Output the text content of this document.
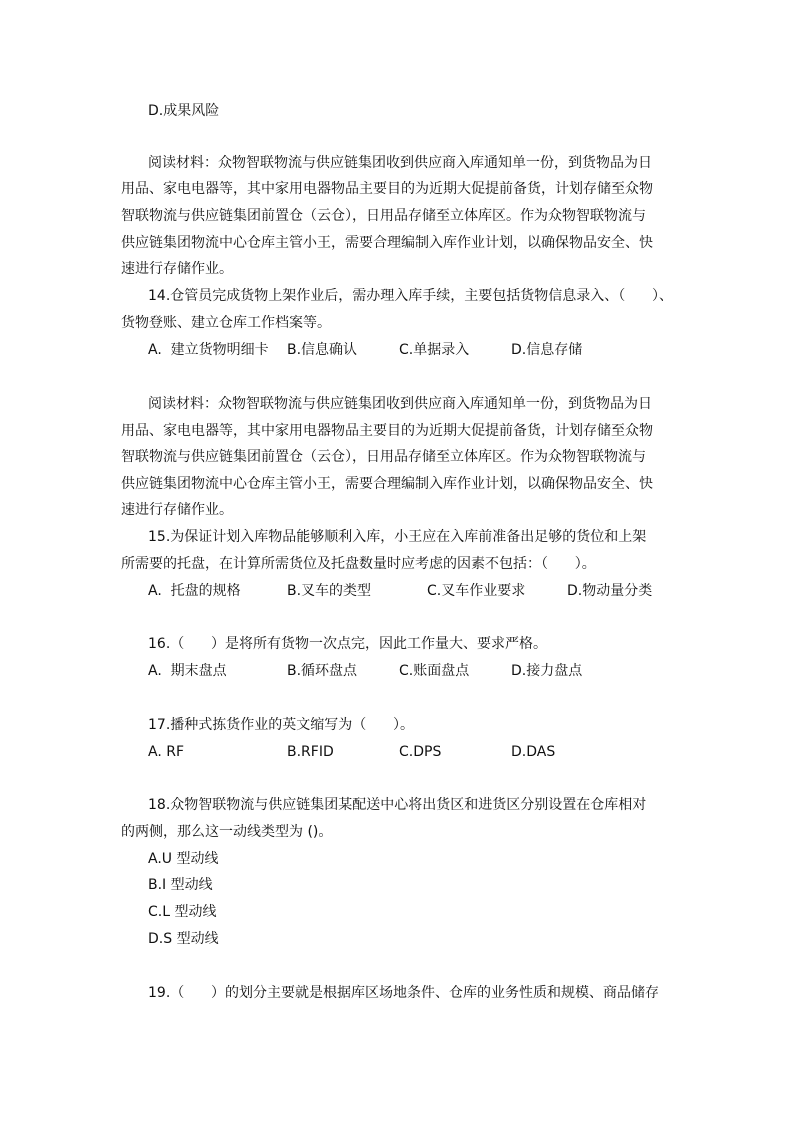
D.成果风险
阅读材料：众物智联物流与供应链集团收到供应商入库通知单一份，到货物品为日
用品、家电电器等，其中家用电器物品主要目的为近期大促提前备货，计划存储至众物
智联物流与供应链集团前置仓（云仓），日用品存储至立体库区。作为众物智联物流与
供应链集团物流中心仓库主管小王，需要合理编制入库作业计划，以确保物品安全、快
速进行存储作业。
14.仓管员完成货物上架作业后，需办理入库手续，主要包括货物信息录入、（      ）、
货物登账、建立仓库工作档案等。
A.  建立货物明细卡 B.信息确认	C.单据录入	D.信息存储
阅读材料：众物智联物流与供应链集团收到供应商入库通知单一份，到货物品为日
用品、家电电器等，其中家用电器物品主要目的为近期大促提前备货，计划存储至众物
智联物流与供应链集团前置仓（云仓），日用品存储至立体库区。作为众物智联物流与
供应链集团物流中心仓库主管小王，需要合理编制入库作业计划，以确保物品安全、快
速进行存储作业。
15.为保证计划入库物品能够顺利入库，小王应在入库前准备出足够的货位和上架
所需要的托盘，在计算所需货位及托盘数量时应考虑的因素不包括：（      ）。
A.  托盘的规格	B.叉车的类型	C.叉车作业要求	D.物动量分类
16.（      ）是将所有货物一次点完，因此工作量大、要求严格。
A.  期末盘点	B.循环盘点	C.账面盘点	D.接力盘点
17.播种式拣货作业的英文缩写为（      ）。
A. RF	B.RFID	C.DPS	D.DAS
18.众物智联物流与供应链集团某配送中心将出货区和进货区分别设置在仓库相对
的两侧，那么这一动线类型为 ()。
A.U 型动线
B.I 型动线
C.L 型动线
D.S 型动线
19.（      ）的划分主要就是根据库区场地条件、仓库的业务性质和规模、商品储存
